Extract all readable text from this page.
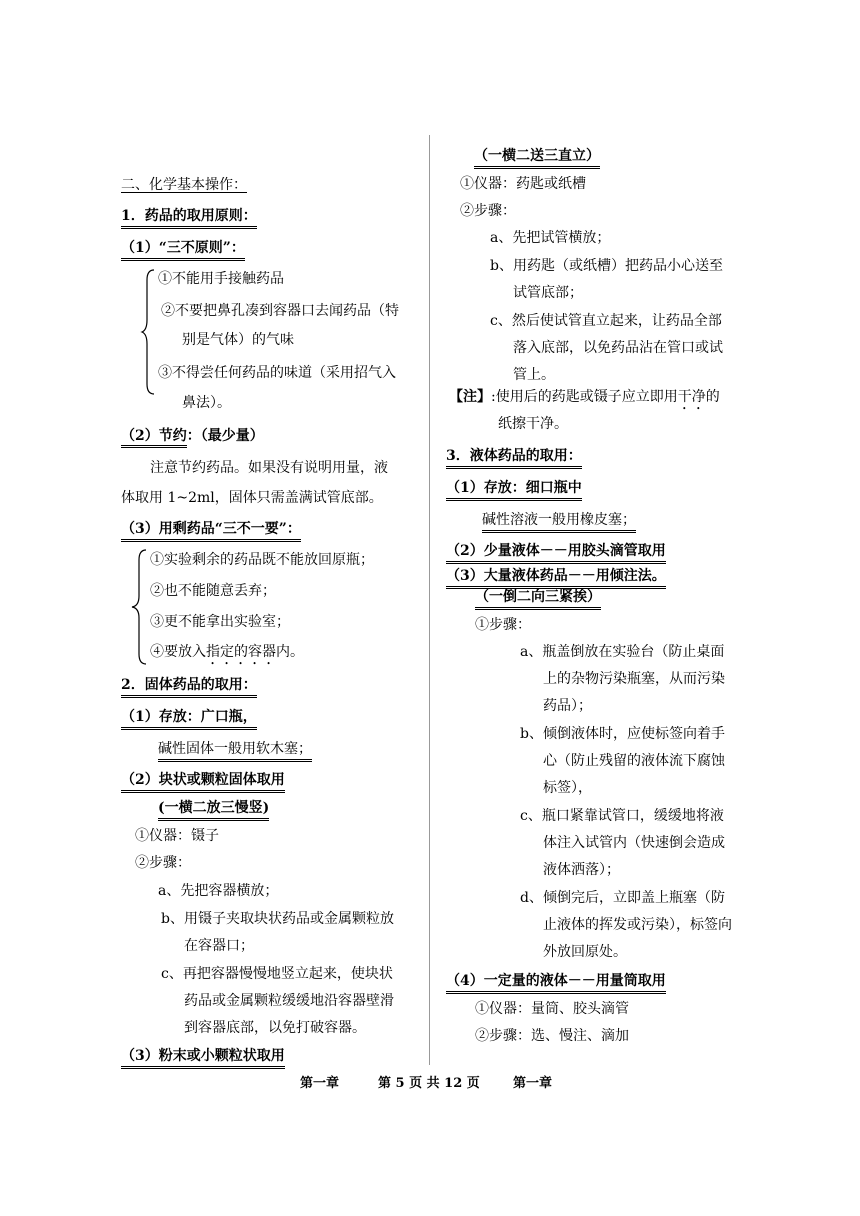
二、化学基本操作：
1．药品的取用原则：
（1）“三不原则”：
①不能用手接触药品
②不要把鼻孔凑到容器口去闻药品（特
别是气体）的气味
③不得尝任何药品的味道（采用招气入
鼻法）。
（2）节约：（最少量）
注意节约药品。如果没有说明用量，液
体取用 1~2ml，固体只需盖满试管底部。
（3）用剩药品“三不一要”：
①实验剩余的药品既不能放回原瓶；
②也不能随意丢弃；
③更不能拿出实验室；
④要放入指定的容器内。
2．固体药品的取用：
（1）存放：广口瓶，
碱性固体一般用软木塞；
（2）块状或颗粒固体取用
(一横二放三慢竖)
①仪器：镊子
②步骤：
a、先把容器横放；
b、用镊子夹取块状药品或金属颗粒放
在容器口；
c、再把容器慢慢地竖立起来，使块状
药品或金属颗粒缓缓地沿容器壁滑
到容器底部，以免打破容器。
（3）粉末或小颗粒状取用
（一横二送三直立）
①仪器：药匙或纸槽
②步骤：
a、先把试管横放；
b、用药匙（或纸槽）把药品小心送至
试管底部；
c、然后使试管直立起来，让药品全部
落入底部，以免药品沾在管口或试
管上。
【注】:使用后的药匙或镊子应立即用干净的
纸擦干净。
3．液体药品的取用：
（1）存放：细口瓶中
碱性溶液一般用橡皮塞；
（2）少量液体－－用胶头滴管取用
（3）大量液体药品－－用倾注法。
（一倒二向三紧挨）
①步骤：
a、瓶盖倒放在实验台（防止桌面
上的杂物污染瓶塞，从而污染
药品）；
b、倾倒液体时，应使标签向着手
心（防止残留的液体流下腐蚀
标签），
c、瓶口紧靠试管口，缓缓地将液
体注入试管内（快速倒会造成
液体洒落）；
d、倾倒完后，立即盖上瓶塞（防
止液体的挥发或污染），标签向
外放回原处。
（4）一定量的液体－－用量筒取用
①仪器：量筒、胶头滴管
②步骤：选、慢注、滴加
第一章	第 5 页 共 12 页	第一章
